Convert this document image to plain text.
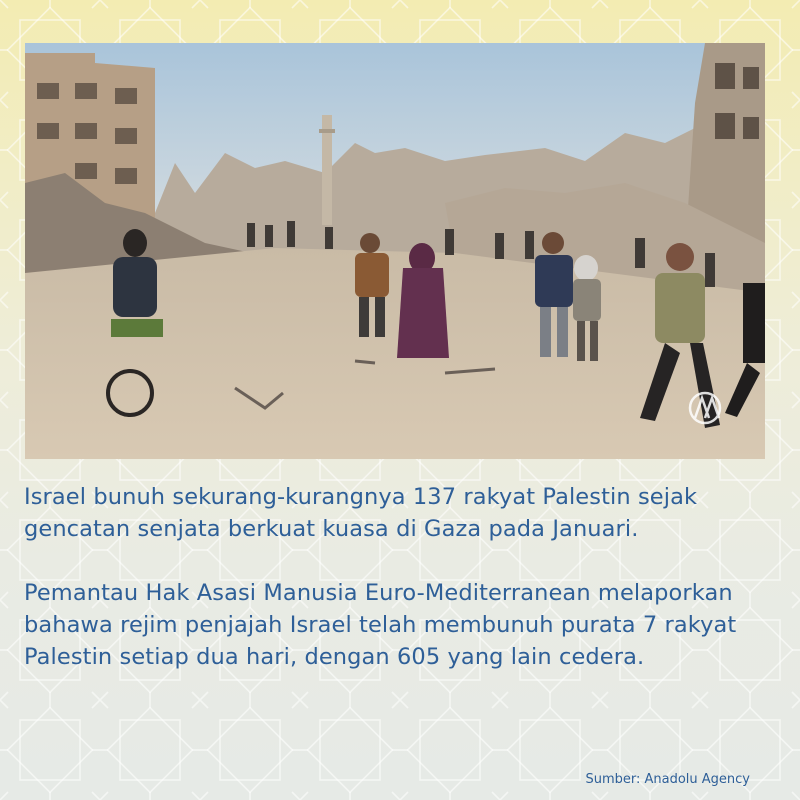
Israel bunuh sekurang-kurangnya 137 rakyat Palestin sejak gencatan senjata berkuat kuasa di Gaza pada Januari.

Pemantau Hak Asasi Manusia Euro-Mediterranean melaporkan bahawa rejim penjajah Israel telah membunuh purata 7 rakyat Palestin setiap dua hari, dengan 605 yang lain cedera.

Sumber: Anadolu Agency
